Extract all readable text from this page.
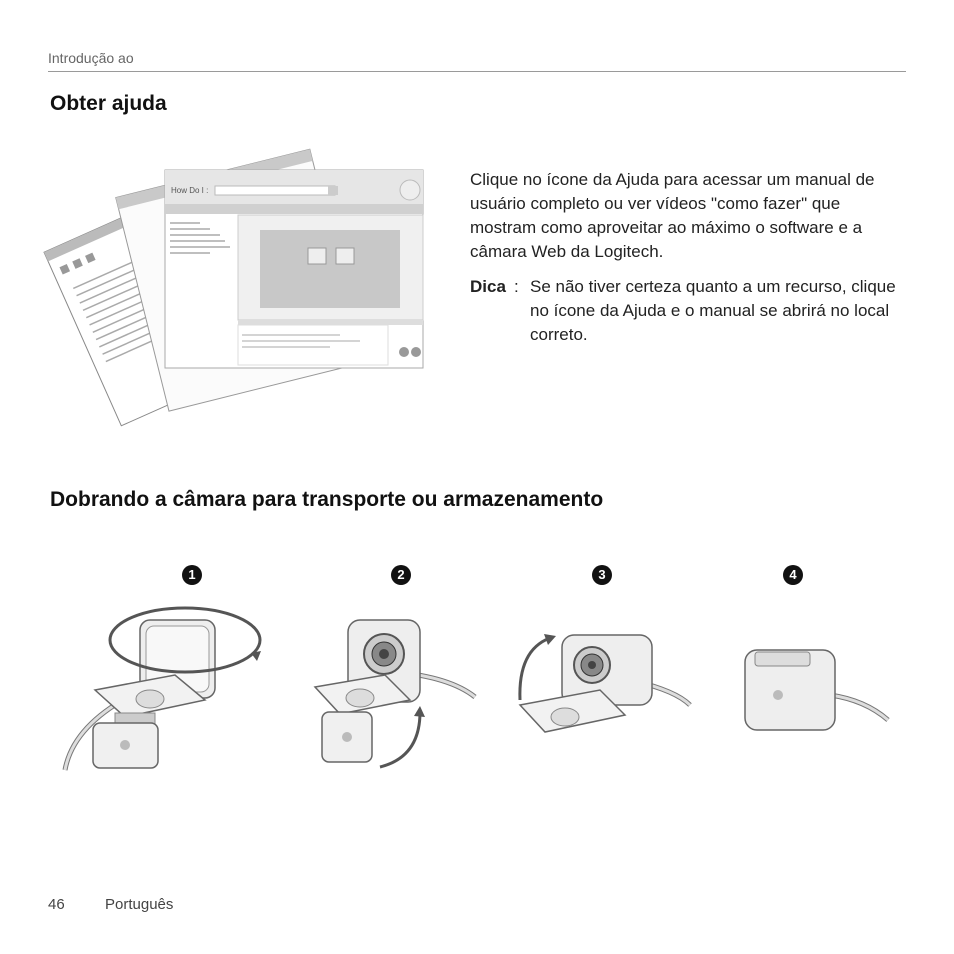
Introdução ao
Obter ajuda
How Do I :
Clique no ícone da Ajuda para acessar um manual de usuário completo ou ver vídeos "como fazer" que mostram como aproveitar ao máximo o software e a câmara Web da Logitech.
Dica : Se não tiver certeza quanto a um recurso, clique no ícone da Ajuda e o manual se abrirá no local correto.
Dobrando a câmara para transporte ou armazenamento
1	2	3	4
46	Português
